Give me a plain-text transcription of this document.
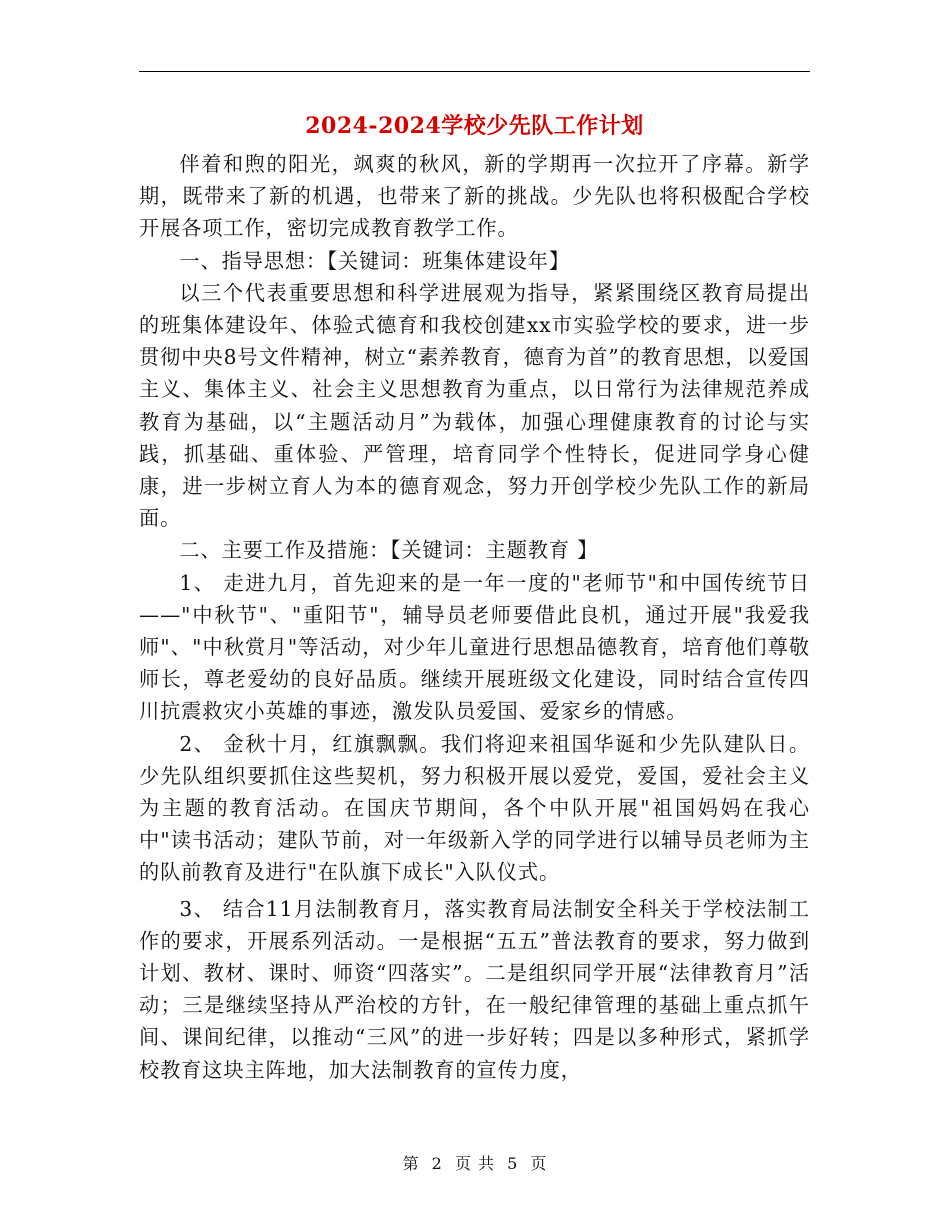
2024-2024学校少先队工作计划

伴着和煦的阳光，飒爽的秋风，新的学期再一次拉开了序幕。新学期，既带来了新的机遇，也带来了新的挑战。少先队也将积极配合学校开展各项工作，密切完成教育教学工作。

一、指导思想：【关键词：班集体建设年】

以三个代表重要思想和科学进展观为指导，紧紧围绕区教育局提出的班集体建设年、体验式德育和我校创建xx市实验学校的要求，进一步贯彻中央8号文件精神，树立“素养教育，德育为首”的教育思想，以爱国主义、集体主义、社会主义思想教育为重点，以日常行为法律规范养成教育为基础，以“主题活动月”为载体，加强心理健康教育的讨论与实践，抓基础、重体验、严管理，培育同学个性特长，促进同学身心健康，进一步树立育人为本的德育观念，努力开创学校少先队工作的新局面。

二、主要工作及措施：【关键词：主题教育 】

1、 走进九月，首先迎来的是一年一度的"老师节"和中国传统节日——"中秋节"、"重阳节"，辅导员老师要借此良机，通过开展"我爱我师"、"中秋赏月"等活动，对少年儿童进行思想品德教育，培育他们尊敬师长，尊老爱幼的良好品质。继续开展班级文化建设，同时结合宣传四川抗震救灾小英雄的事迹，激发队员爱国、爱家乡的情感。

2、 金秋十月，红旗飘飘。我们将迎来祖国华诞和少先队建队日。少先队组织要抓住这些契机，努力积极开展以爱党，爱国，爱社会主义为主题的教育活动。在国庆节期间，各个中队开展"祖国妈妈在我心中"读书活动；建队节前，对一年级新入学的同学进行以辅导员老师为主的队前教育及进行"在队旗下成长"入队仪式。

3、 结合11月法制教育月，落实教育局法制安全科关于学校法制工作的要求，开展系列活动。一是根据“五五”普法教育的要求，努力做到计划、教材、课时、师资“四落实”。二是组织同学开展“法律教育月”活动；三是继续坚持从严治校的方针，在一般纪律管理的基础上重点抓午间、课间纪律，以推动“三风”的进一步好转；四是以多种形式，紧抓学校教育这块主阵地，加大法制教育的宣传力度，

第 2 页 共 5 页
